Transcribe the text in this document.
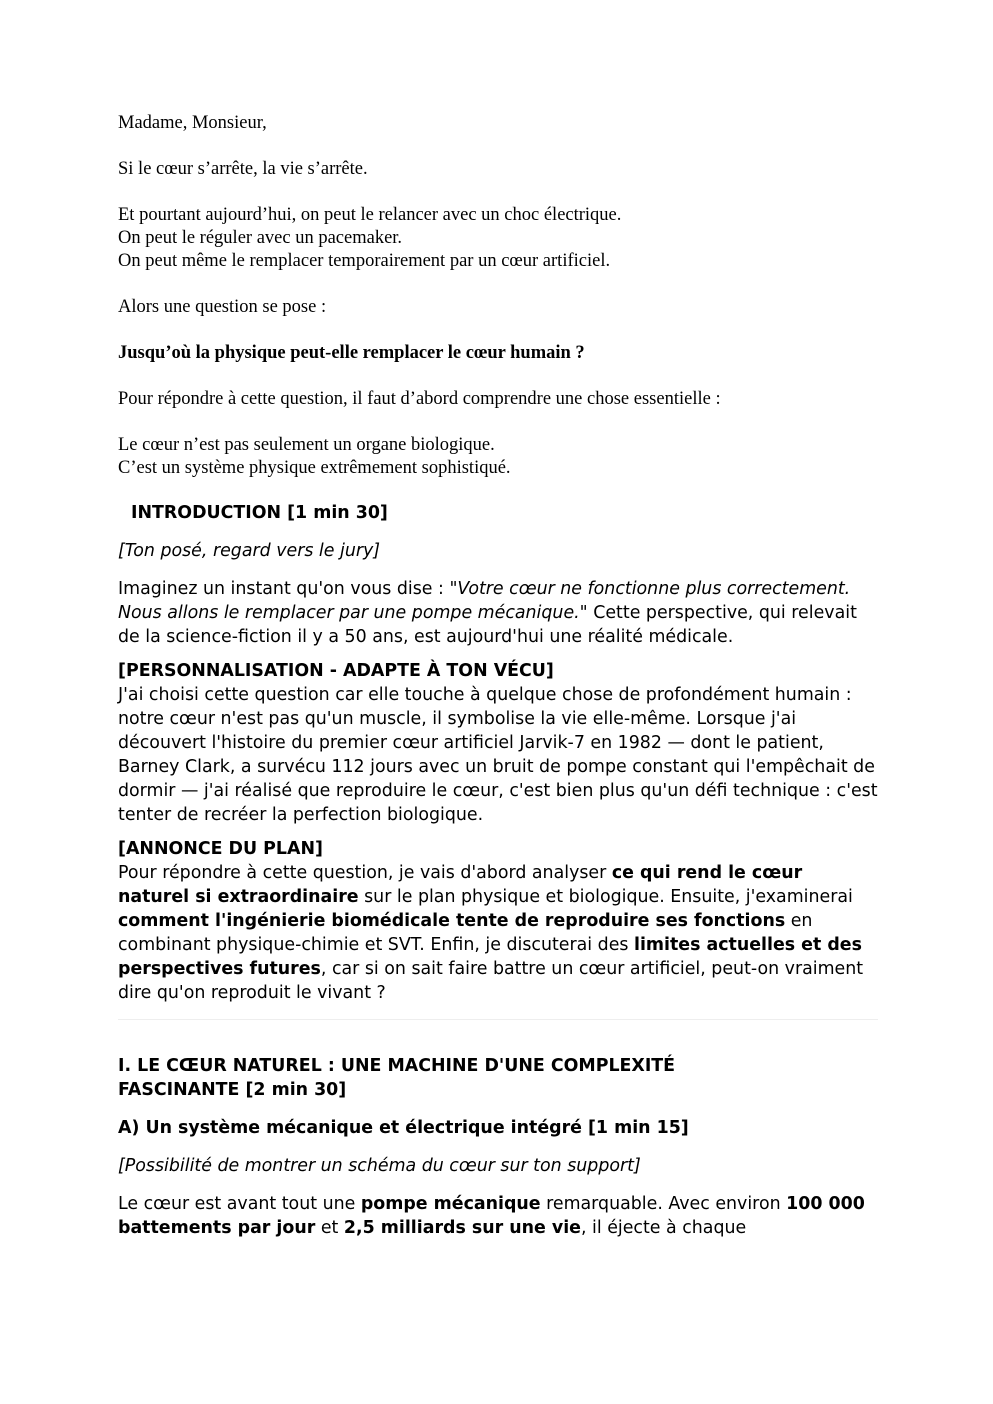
Madame, Monsieur,

Si le cœur s’arrête, la vie s’arrête.

Et pourtant aujourd’hui, on peut le relancer avec un choc électrique.
On peut le réguler avec un pacemaker.
On peut même le remplacer temporairement par un cœur artificiel.

Alors une question se pose :

Jusqu’où la physique peut-elle remplacer le cœur humain ?

Pour répondre à cette question, il faut d’abord comprendre une chose essentielle :

Le cœur n’est pas seulement un organe biologique.
C’est un système physique extrêmement sophistiqué.

INTRODUCTION [1 min 30]

[Ton posé, regard vers le jury]

Imaginez un instant qu'on vous dise : "Votre cœur ne fonctionne plus correctement. Nous allons le remplacer par une pompe mécanique." Cette perspective, qui relevait de la science-fiction il y a 50 ans, est aujourd'hui une réalité médicale.

[PERSONNALISATION - ADAPTE À TON VÉCU]

J'ai choisi cette question car elle touche à quelque chose de profondément humain : notre cœur n'est pas qu'un muscle, il symbolise la vie elle-même. Lorsque j'ai découvert l'histoire du premier cœur artificiel Jarvik-7 en 1982 — dont le patient, Barney Clark, a survécu 112 jours avec un bruit de pompe constant qui l'empêchait de dormir — j'ai réalisé que reproduire le cœur, c'est bien plus qu'un défi technique : c'est tenter de recréer la perfection biologique.

[ANNONCE DU PLAN]

Pour répondre à cette question, je vais d'abord analyser ce qui rend le cœur naturel si extraordinaire sur le plan physique et biologique. Ensuite, j'examinerai comment l'ingénierie biomédicale tente de reproduire ses fonctions en combinant physique-chimie et SVT. Enfin, je discuterai des limites actuelles et des perspectives futures, car si on sait faire battre un cœur artificiel, peut-on vraiment dire qu'on reproduit le vivant ?

I. LE CŒUR NATUREL : UNE MACHINE D'UNE COMPLEXITÉ FASCINANTE [2 min 30]

A) Un système mécanique et électrique intégré [1 min 15]

[Possibilité de montrer un schéma du cœur sur ton support]

Le cœur est avant tout une pompe mécanique remarquable. Avec environ 100 000 battements par jour et 2,5 milliards sur une vie, il éjecte à chaque
